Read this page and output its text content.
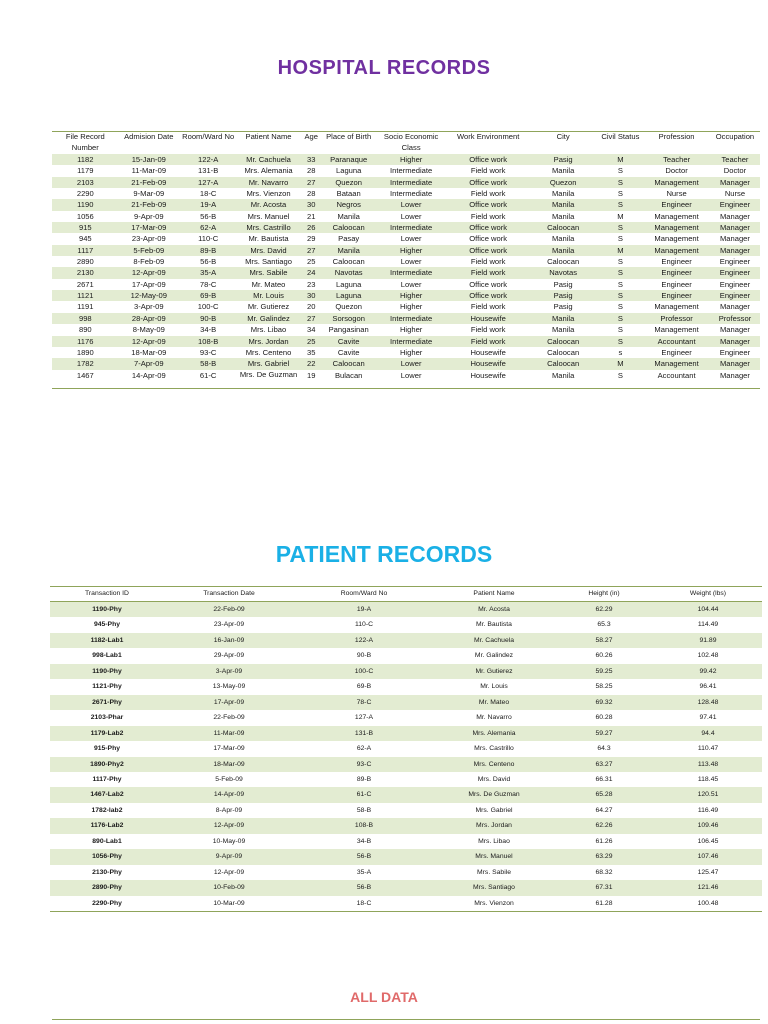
HOSPITAL RECORDS
File Record Number	Admision Date	Room/Ward No	Patient Name	Age	Place of Birth	Socio Economic Class	Work Environment	City	Civil Status	Profession	Occupation
1182	15-Jan-09	122-A	Mr. Cachuela	33	Paranaque	Higher	Office work	Pasig	M	Teacher	Teacher
1179	11-Mar-09	131-B	Mrs. Alemania	28	Laguna	Intermediate	Field work	Manila	S	Doctor	Doctor
2103	21-Feb-09	127-A	Mr. Navarro	27	Quezon	Intermediate	Office work	Quezon	S	Management	Manager
2290	9-Mar-09	18-C	Mrs. Vienzon	28	Bataan	Intermediate	Field work	Manila	S	Nurse	Nurse
1190	21-Feb-09	19-A	Mr. Acosta	30	Negros	Lower	Office work	Manila	S	Engineer	Engineer
1056	9-Apr-09	56-B	Mrs. Manuel	21	Manila	Lower	Field work	Manila	M	Management	Manager
915	17-Mar-09	62-A	Mrs. Castrillo	26	Caloocan	Intermediate	Office work	Caloocan	S	Management	Manager
945	23-Apr-09	110-C	Mr. Bautista	29	Pasay	Lower	Office work	Manila	S	Management	Manager
1117	5-Feb-09	89-B	Mrs. David	27	Manila	Higher	Office work	Manila	M	Management	Manager
2890	8-Feb-09	56-B	Mrs. Santiago	25	Caloocan	Lower	Field work	Caloocan	S	Engineer	Engineer
2130	12-Apr-09	35-A	Mrs. Sabile	24	Navotas	Intermediate	Field work	Navotas	S	Engineer	Engineer
2671	17-Apr-09	78-C	Mr. Mateo	23	Laguna	Lower	Office work	Pasig	S	Engineer	Engineer
1121	12-May-09	69-B	Mr. Louis	30	Laguna	Higher	Office work	Pasig	S	Engineer	Engineer
1191	3-Apr-09	100-C	Mr. Gutierez	20	Quezon	Higher	Field work	Pasig	S	Management	Manager
998	28-Apr-09	90-B	Mr. Galindez	27	Sorsogon	Intermediate	Housewife	Manila	S	Professor	Professor
890	8-May-09	34-B	Mrs. Libao	34	Pangasinan	Higher	Field work	Manila	S	Management	Manager
1176	12-Apr-09	108-B	Mrs. Jordan	25	Cavite	Intermediate	Field work	Caloocan	S	Accountant	Manager
1890	18-Mar-09	93-C	Mrs. Centeno	35	Cavite	Higher	Housewife	Caloocan	s	Engineer	Engineer
1782	7-Apr-09	58-B	Mrs. Gabriel	22	Caloocan	Lower	Housewife	Caloocan	M	Management	Manager
1467	14-Apr-09	61-C	Mrs. De Guzman	19	Bulacan	Lower	Housewife	Manila	S	Accountant	Manager
PATIENT RECORDS
Transaction ID	Transaction Date	Room/Ward No	Patient Name	Height (in)	Weight (lbs)
1190-Phy	22-Feb-09	19-A	Mr. Acosta	62.29	104.44
945-Phy	23-Apr-09	110-C	Mr. Bautista	65.3	114.49
1182-Lab1	16-Jan-09	122-A	Mr. Cachuela	58.27	91.89
998-Lab1	29-Apr-09	90-B	Mr. Galindez	60.26	102.48
1190-Phy	3-Apr-09	100-C	Mr. Gutierez	59.25	99.42
1121-Phy	13-May-09	69-B	Mr. Louis	58.25	96.41
2671-Phy	17-Apr-09	78-C	Mr. Mateo	69.32	128.48
2103-Phar	22-Feb-09	127-A	Mr. Navarro	60.28	97.41
1179-Lab2	11-Mar-09	131-B	Mrs. Alemania	59.27	94.4
915-Phy	17-Mar-09	62-A	Mrs. Castrillo	64.3	110.47
1890-Phy2	18-Mar-09	93-C	Mrs. Centeno	63.27	113.48
1117-Phy	5-Feb-09	89-B	Mrs. David	66.31	118.45
1467-Lab2	14-Apr-09	61-C	Mrs. De Guzman	65.28	120.51
1782-lab2	8-Apr-09	58-B	Mrs. Gabriel	64.27	116.49
1176-Lab2	12-Apr-09	108-B	Mrs. Jordan	62.26	109.46
890-Lab1	10-May-09	34-B	Mrs. Libao	61.26	106.45
1056-Phy	9-Apr-09	56-B	Mrs. Manuel	63.29	107.46
2130-Phy	12-Apr-09	35-A	Mrs. Sabile	68.32	125.47
2890-Phy	10-Feb-09	56-B	Mrs. Santiago	67.31	121.46
2290-Phy	10-Mar-09	18-C	Mrs. Vienzon	61.28	100.48
ALL DATA
